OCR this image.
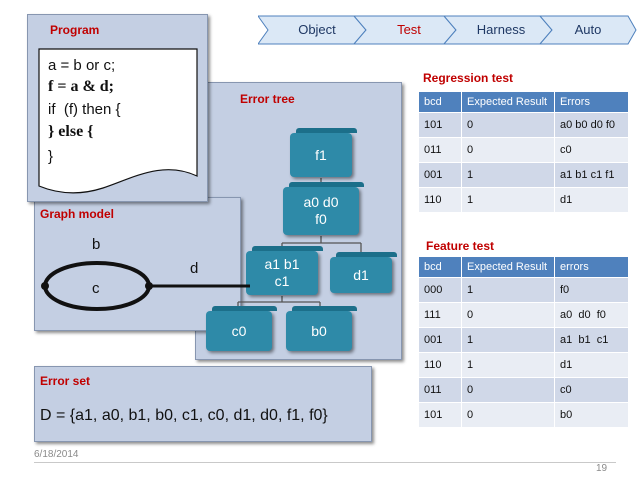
Object	Test	Harness	Auto
Error tree
Graph model
f1
a0 d0
f0
a1 b1
c1	d1
c0	b0
b
c
d
Program
a = b or c;
f = a & d;
if  (f) then {
} else {
}
Regression test
bcd	Expected Result	Errors
101	0	a0 b0 d0 f0
011	0	c0
001	1	a1 b1 c1 f1
110	1	d1
Feature test
bcd	Expected Result	errors
000	1	f0
111	0	a0  d0  f0
001	1	a1  b1  c1
110	1	d1
011	0	c0
101	0	b0
Error set
D = {a1, a0, b1, b0, c1, c0, d1, d0, f1, f0}
6/18/2014
19
